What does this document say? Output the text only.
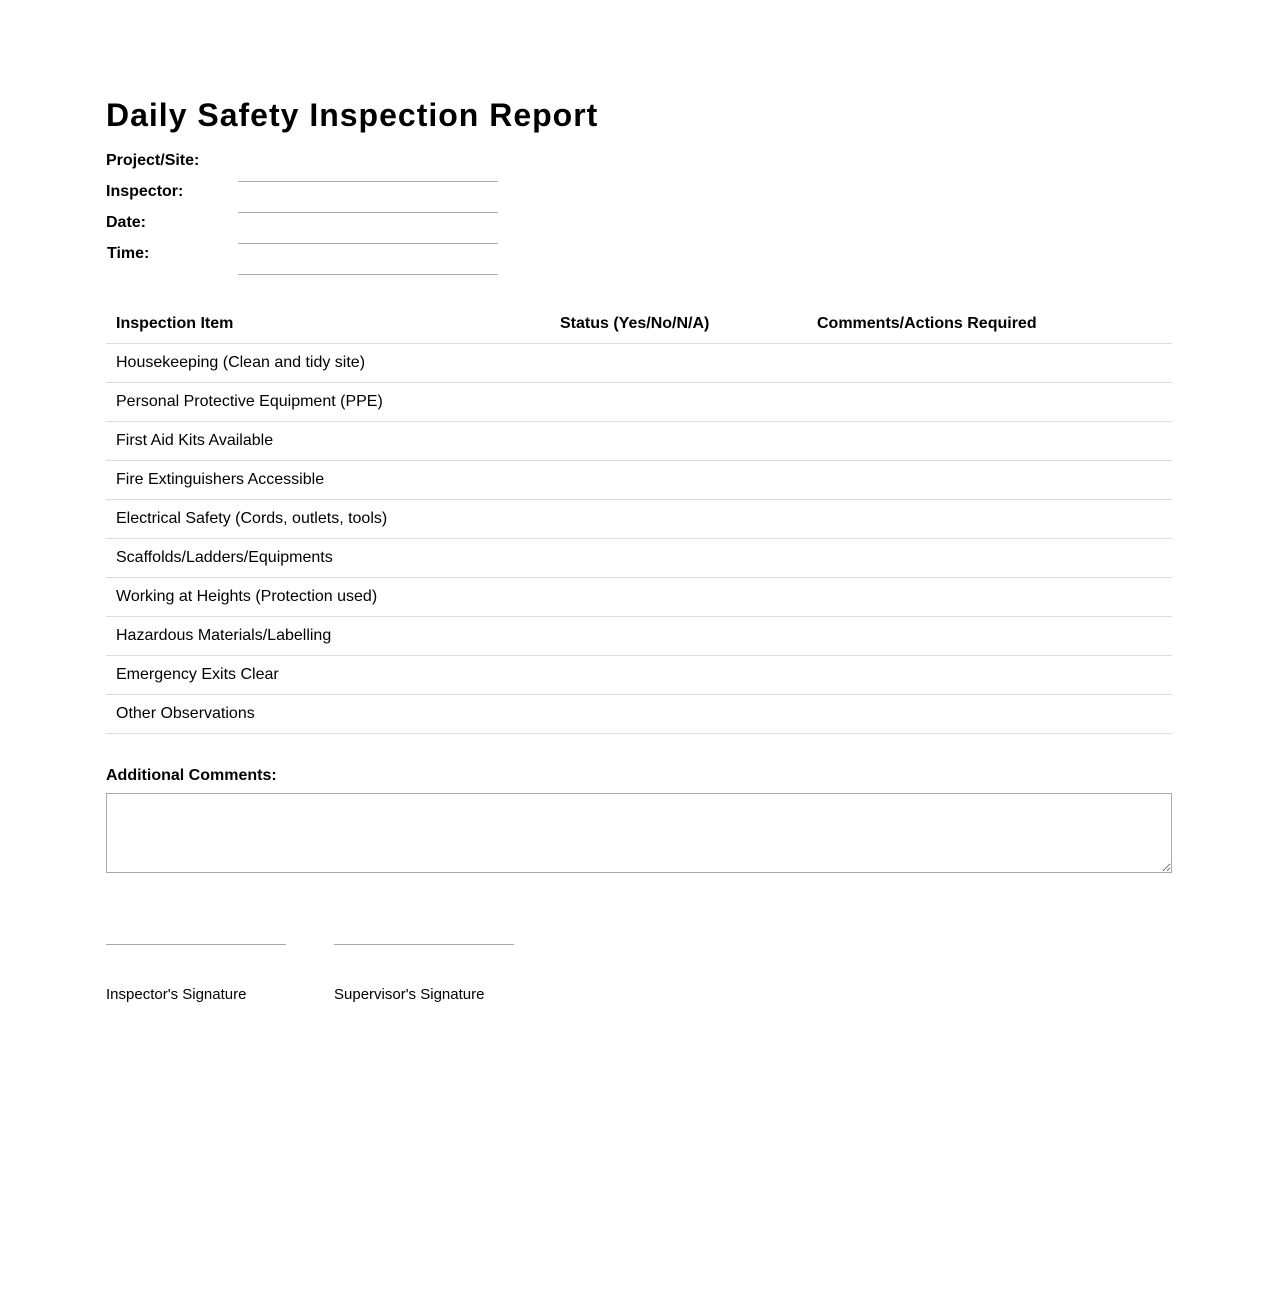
Daily Safety Inspection Report
Project/Site:
Inspector:
Date:
Time:
Inspection Item	Status (Yes/No/N/A)	Comments/Actions Required
Housekeeping (Clean and tidy site)		
Personal Protective Equipment (PPE)		
First Aid Kits Available		
Fire Extinguishers Accessible		
Electrical Safety (Cords, outlets, tools)		
Scaffolds/Ladders/Equipments		
Working at Heights (Protection used)		
Hazardous Materials/Labelling		
Emergency Exits Clear		
Other Observations		
Additional Comments:
Inspector's Signature	Supervisor's Signature
